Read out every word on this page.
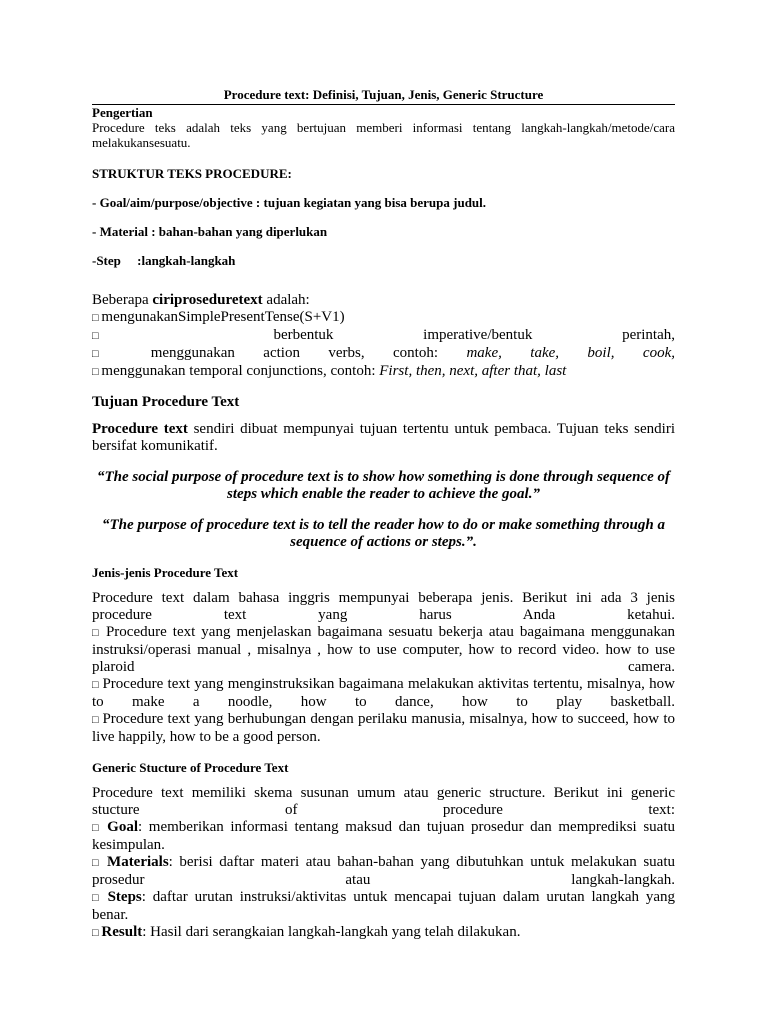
Procedure text: Definisi, Tujuan, Jenis, Generic Structure

Pengertian

Procedure teks adalah teks yang bertujuan memberi informasi tentang langkah-langkah/metode/cara melakukansesuatu.

STRUKTUR TEKS PROCEDURE:

- Goal/aim/purpose/objective : tujuan kegiatan yang bisa berupa judul.

- Material : bahan-bahan yang diperlukan

-Step     :langkah-langkah

Beberapa ciriproseduretext adalah:

□ mengunakanSimplePresentTense(S+V1)

□ berbentuk imperative/bentuk perintah,

□ menggunakan action verbs, contoh: make, take, boil, cook,

□ menggunakan temporal conjunctions, contoh: First, then, next, after that, last

Tujuan Procedure Text

Procedure text sendiri dibuat mempunyai tujuan tertentu untuk pembaca. Tujuan teks sendiri bersifat komunikatif.

“The social purpose of procedure text is to show how something is done through sequence of steps which enable the reader to achieve the goal.”

“The purpose of procedure text is to tell the reader how to do or make something through a sequence of actions or steps.”.

Jenis-jenis Procedure Text

Procedure text dalam bahasa inggris mempunyai beberapa jenis. Berikut ini ada 3 jenis procedure text yang harus Anda ketahui.

□ Procedure text yang menjelaskan bagaimana sesuatu bekerja atau bagaimana menggunakan instruksi/operasi manual , misalnya , how to use computer, how to record video. how to use plaroid camera.

□ Procedure text yang menginstruksikan bagaimana melakukan aktivitas tertentu, misalnya, how to make a noodle, how to dance, how to play basketball.

□ Procedure text yang berhubungan dengan perilaku manusia, misalnya, how to succeed, how to live happily, how to be a good person.

Generic Stucture of Procedure Text

Procedure text memiliki skema susunan umum atau generic structure. Berikut ini generic stucture of procedure text:

□ Goal: memberikan informasi tentang maksud dan tujuan prosedur dan memprediksi suatu kesimpulan.

□ Materials: berisi daftar materi atau bahan-bahan yang dibutuhkan untuk melakukan suatu prosedur atau langkah-langkah.

□ Steps: daftar urutan instruksi/aktivitas untuk mencapai tujuan dalam urutan langkah yang benar.

□ Result: Hasil dari serangkaian langkah-langkah yang telah dilakukan.
